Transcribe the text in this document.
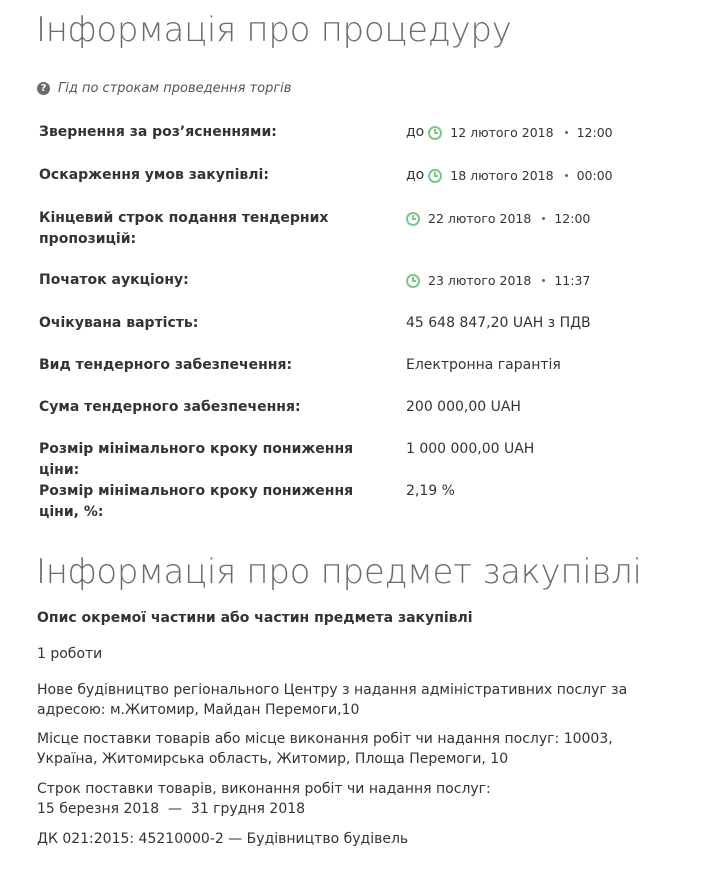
Інформація про процедуру
? Гід по строкам проведення торгів
Звернення за роз’ясненнями:	до 12 лютого 2018 12:00
Оскарження умов закупівлі:	до 18 лютого 2018 00:00
Кінцевий строк подання тендерних пропозицій:
22 лютого 2018 12:00
Початок аукціону:	23 лютого 2018 11:37
Очікувана вартість:	45 648 847,20 UAH з ПДВ
Вид тендерного забезпечення:	Електронна гарантія
Сума тендерного забезпечення:	200 000,00 UAH
Розмір мінімального кроку пониження ціни:
1 000 000,00 UAH
Розмір мінімального кроку пониження ціни, %:
2,19 %
Інформація про предмет закупівлі
Опис окремої частини або частин предмета закупівлі
1 роботи
Нове будівництво регіонального Центру з надання адміністративних послуг за адресою: м.Житомир, Майдан Перемоги,10
Місце поставки товарів або місце виконання робіт чи надання послуг: 10003, Україна, Житомирська область, Житомир, Площа Перемоги, 10
Строк поставки товарів, виконання робіт чи надання послуг:
15 березня 2018  —  31 грудня 2018
ДК 021:2015: 45210000-2 — Будівництво будівель
